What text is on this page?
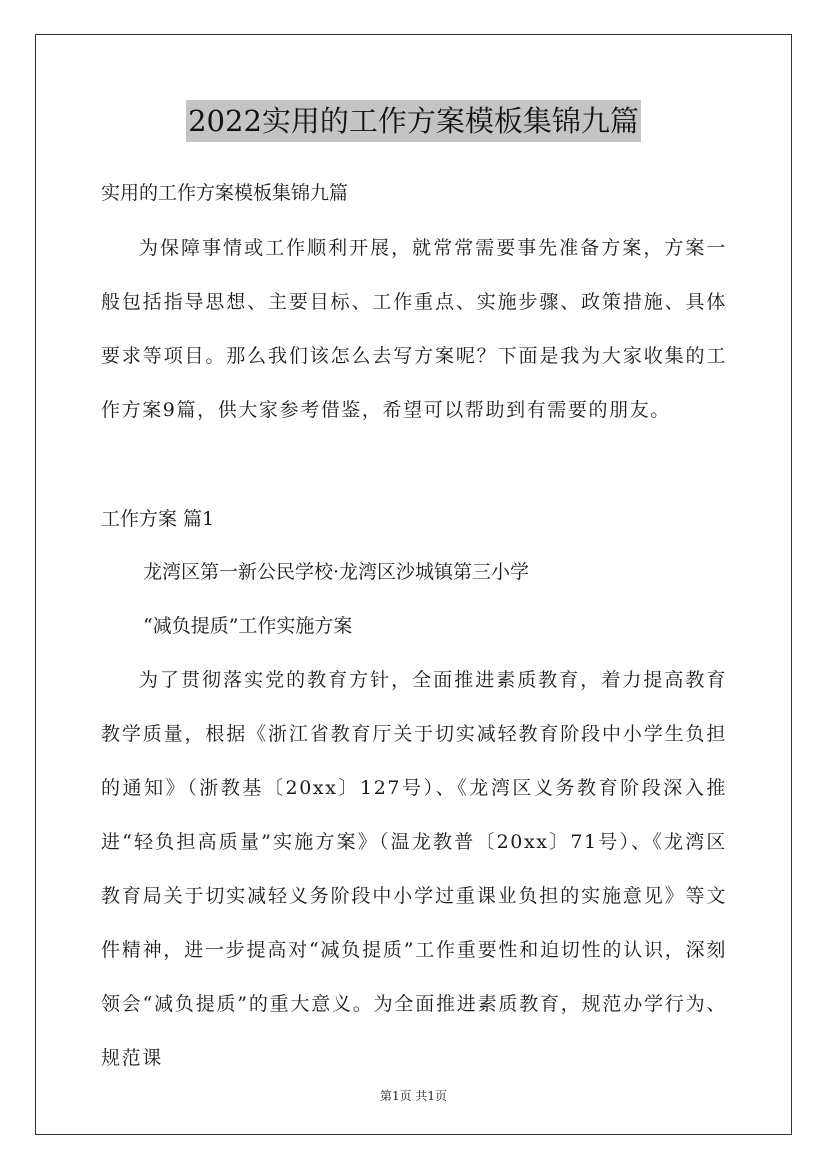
2022实用的工作方案模板集锦九篇
实用的工作方案模板集锦九篇

为保障事情或工作顺利开展，就常常需要事先准备方案，方案一般包括指导思想、主要目标、工作重点、实施步骤、政策措施、具体要求等项目。那么我们该怎么去写方案呢？下面是我为大家收集的工作方案9篇，供大家参考借鉴，希望可以帮助到有需要的朋友。

工作方案 篇1
龙湾区第一新公民学校·龙湾区沙城镇第三小学
“减负提质”工作实施方案

为了贯彻落实党的教育方针，全面推进素质教育，着力提高教育教学质量，根据《浙江省教育厅关于切实减轻教育阶段中小学生负担的通知》（浙教基〔20xx〕127号）、《龙湾区义务教育阶段深入推进“轻负担高质量”实施方案》（温龙教普〔20xx〕71号）、《龙湾区教育局关于切实减轻义务阶段中小学过重课业负担的实施意见》等文件精神，进一步提高对“减负提质”工作重要性和迫切性的认识，深刻领会“减负提质”的重大意义。为全面推进素质教育，规范办学行为、规范课

第1页 共1页
